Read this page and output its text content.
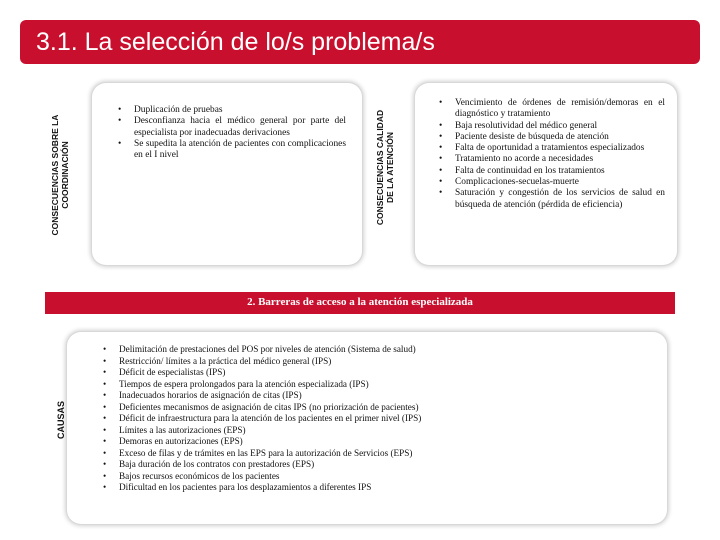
3.1. La selección de lo/s problema/s
CONSECUENCIAS SOBRE LA COORDINACIÓN
• Duplicación de pruebas
• Desconfianza hacia el médico general por parte del especialista por inadecuadas derivaciones
• Se supedita la atención de pacientes con complicaciones en el I nivel	CONSECUENCIAS CALIDAD DE LA ATENCIÓN
• Vencimiento de órdenes de remisión/demoras en el diagnóstico y tratamiento
• Baja resolutividad del médico general
• Paciente desiste de búsqueda de atención
• Falta de oportunidad a tratamientos especializados
• Tratamiento no acorde a necesidades
• Falta de continuidad en los tratamientos
• Complicaciones-secuelas-muerte
• Saturación y congestión de los servicios de salud en búsqueda de atención (pérdida de eficiencia)
2. Barreras de acceso a la atención especializada
CAUSAS
• Delimitación de prestaciones del POS por niveles de atención (Sistema de salud)
• Restricción/ límites a la práctica del médico general (IPS)
• Déficit de especialistas (IPS)
• Tiempos de espera prolongados para la atención especializada (IPS)
• Inadecuados horarios de asignación de citas (IPS)
• Deficientes mecanismos de asignación de citas IPS (no priorización de pacientes)
• Déficit de infraestructura para la atención de los pacientes en el primer nivel (IPS)
• Límites a las autorizaciones (EPS)
• Demoras en autorizaciones (EPS)
• Exceso de filas y de trámites en las EPS para la autorización de Servicios (EPS)
• Baja duración de los contratos con prestadores (EPS)
• Bajos recursos económicos de los pacientes
• Dificultad en los pacientes para los desplazamientos a diferentes IPS
